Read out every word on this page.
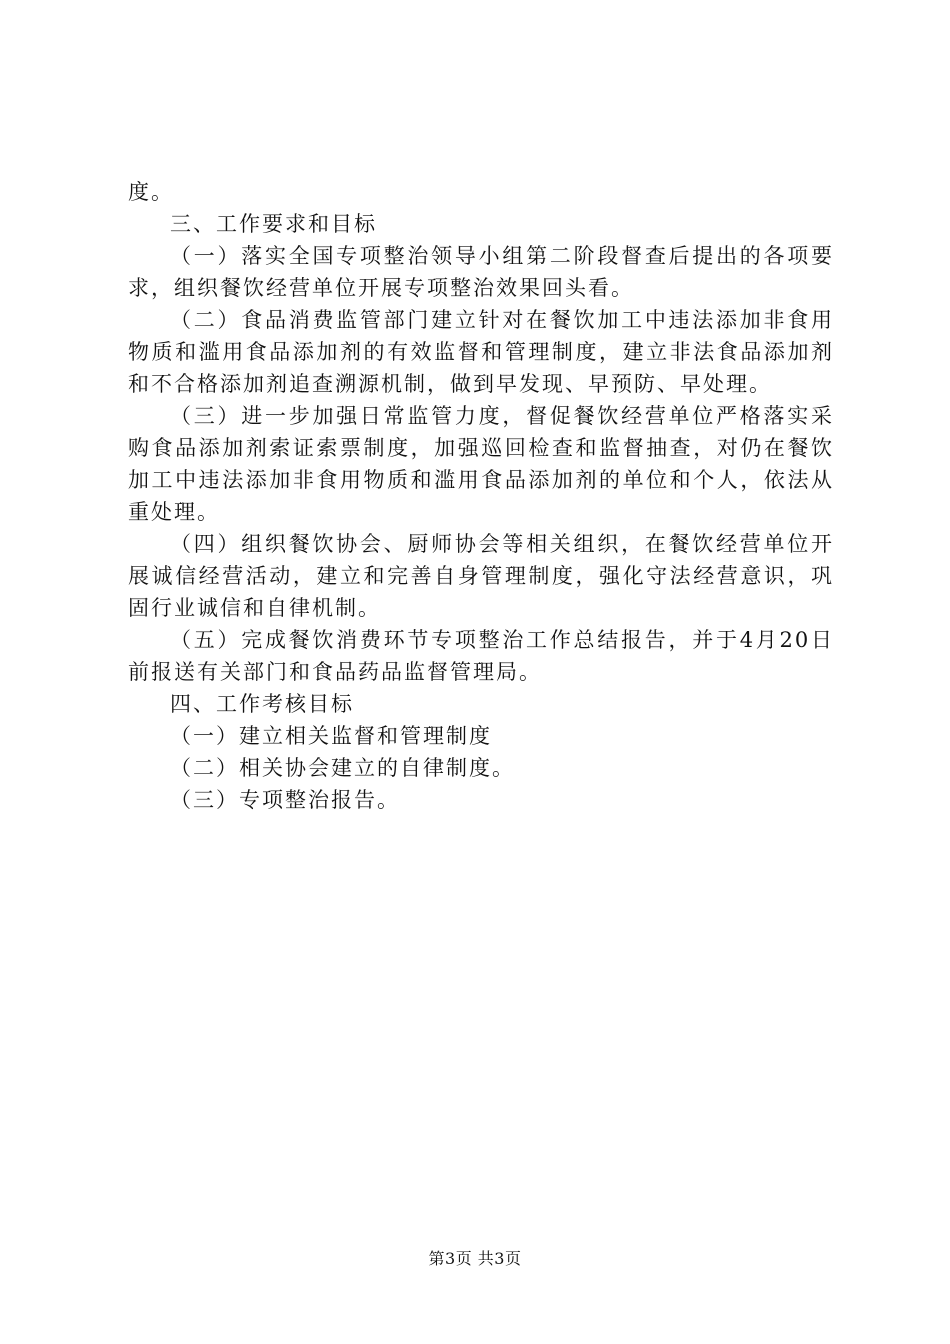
度。

三、工作要求和目标

（一）落实全国专项整治领导小组第二阶段督查后提出的各项要求，组织餐饮经营单位开展专项整治效果回头看。

（二）食品消费监管部门建立针对在餐饮加工中违法添加非食用物质和滥用食品添加剂的有效监督和管理制度，建立非法食品添加剂和不合格添加剂追查溯源机制，做到早发现、早预防、早处理。

（三）进一步加强日常监管力度，督促餐饮经营单位严格落实采购食品添加剂索证索票制度，加强巡回检查和监督抽查，对仍在餐饮加工中违法添加非食用物质和滥用食品添加剂的单位和个人，依法从重处理。

（四）组织餐饮协会、厨师协会等相关组织，在餐饮经营单位开展诚信经营活动，建立和完善自身管理制度，强化守法经营意识，巩固行业诚信和自律机制。

（五）完成餐饮消费环节专项整治工作总结报告，并于4月20日前报送有关部门和食品药品监督管理局。

四、工作考核目标

（一）建立相关监督和管理制度

（二）相关协会建立的自律制度。

（三）专项整治报告。

第3页 共3页
